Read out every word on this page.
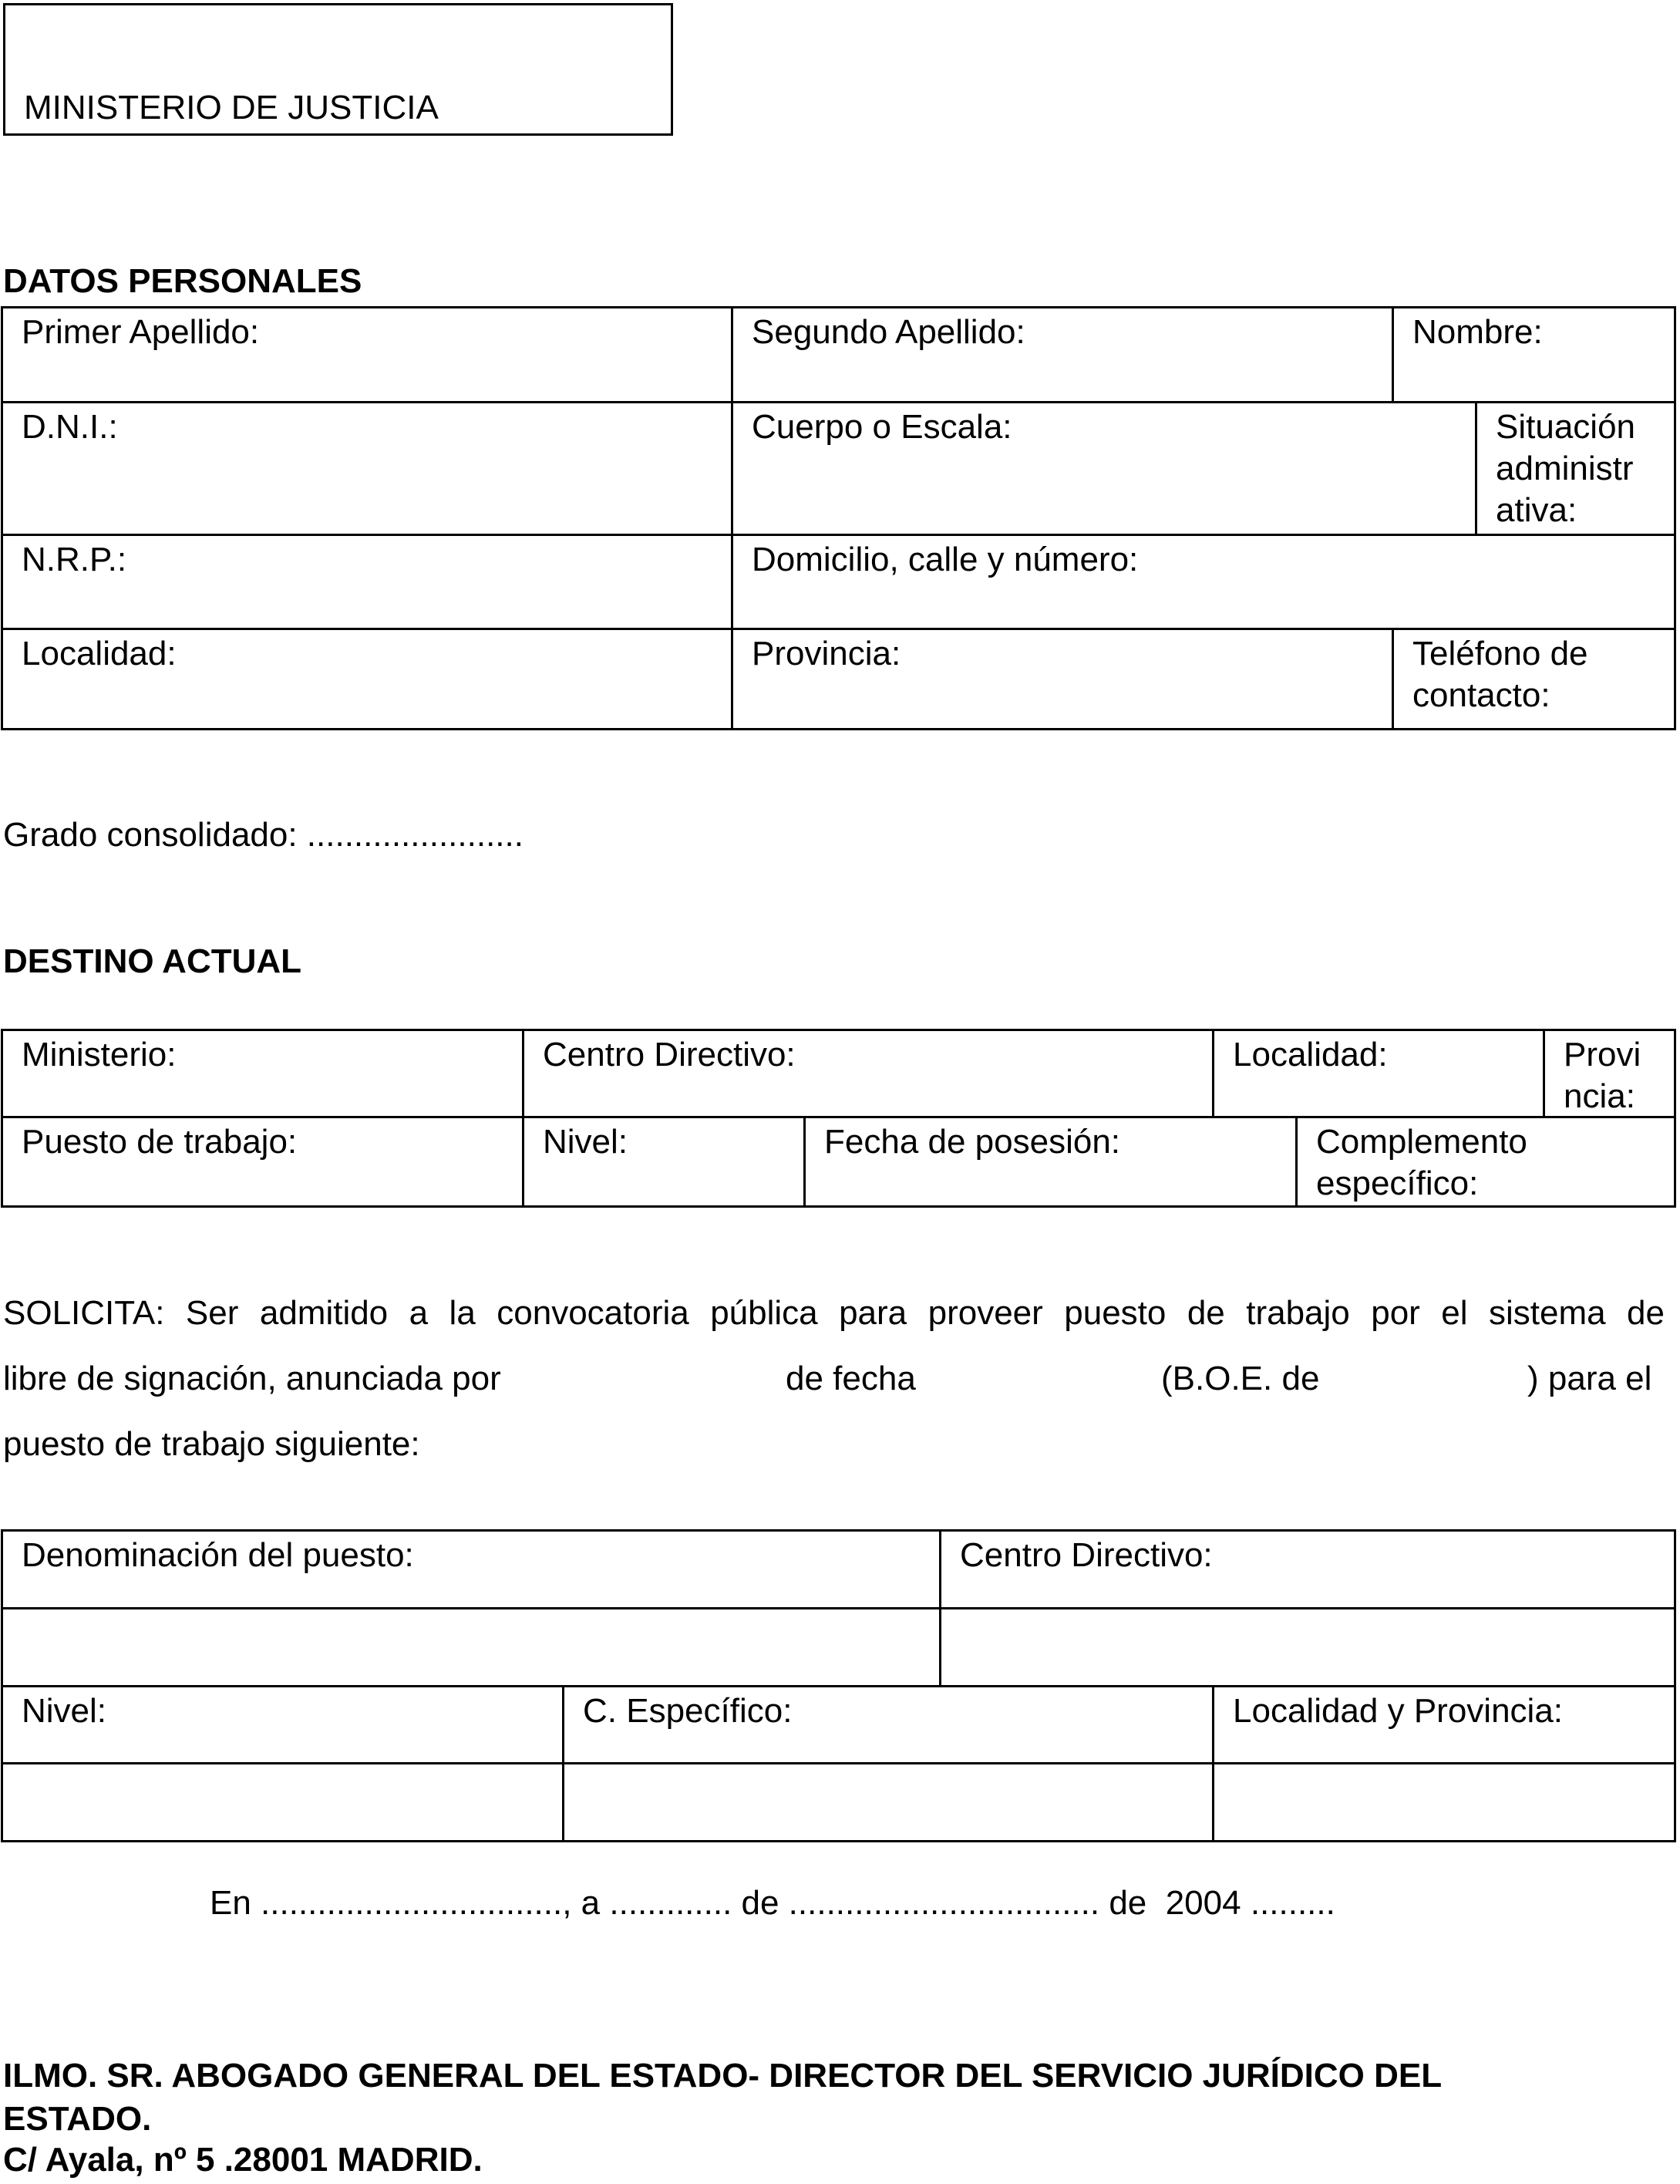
MINISTERIO DE JUSTICIA
DATOS PERSONALES
Primer Apellido:	Segundo Apellido:	Nombre:
D.N.I.:	Cuerpo o Escala:	Situación administr ativa:
N.R.P.:	Domicilio, calle y número:
Localidad:	Provincia:	Teléfono de contacto:
Grado consolidado: .......................
DESTINO ACTUAL
Ministerio:	Centro Directivo:	Localidad:	Provi ncia:
Puesto de trabajo:	Nivel:	Fecha de posesión:	Complemento específico:
SOLICITA: Ser admitido a la convocatoria pública para proveer puesto de trabajo por el sistema de
libre de signación, anunciada por	de fecha	(B.O.E. de	) para el
puesto de trabajo siguiente:
Denominación del puesto:	Centro Directivo:
Nivel:	C. Específico:	Localidad y Provincia:
En ................................, a ............. de ................................. de  2004 .........
ILMO. SR. ABOGADO GENERAL DEL ESTADO- DIRECTOR DEL SERVICIO JURÍDICO DEL
ESTADO.
C/ Ayala, nº 5 .28001 MADRID.
